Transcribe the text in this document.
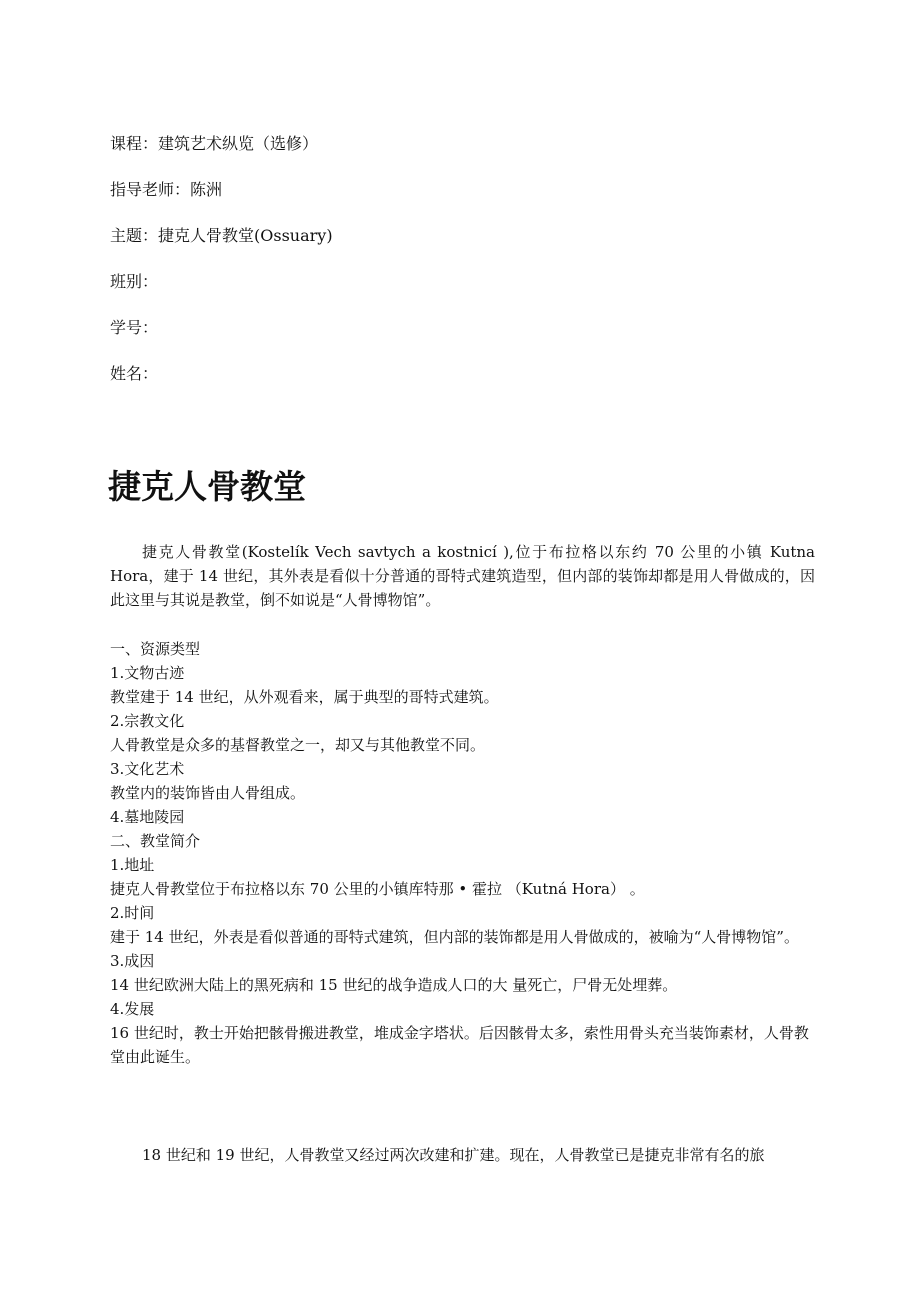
课程：建筑艺术纵览（选修）
指导老师：陈洲
主题：捷克人骨教堂(Ossuary)
班别：
学号：
姓名：
捷克人骨教堂

捷克人骨教堂(Kostelík Vech savtych a kostnicí ),位于布拉格以东约 70 公里的小镇 Kutna Hora，建于 14 世纪，其外表是看似十分普通的哥特式建筑造型，但内部的装饰却都是用人骨做成的，因此这里与其说是教堂，倒不如说是“人骨博物馆”。

一、资源类型
1.文物古迹
教堂建于 14 世纪，从外观看来，属于典型的哥特式建筑。
2.宗教文化
人骨教堂是众多的基督教堂之一，却又与其他教堂不同。
3.文化艺术
教堂内的装饰皆由人骨组成。
4.墓地陵园
二、教堂简介
1.地址
捷克人骨教堂位于布拉格以东 70 公里的小镇库特那 • 霍拉 （Kutná Hora） 。
2.时间
建于 14 世纪，外表是看似普通的哥特式建筑，但内部的装饰都是用人骨做成的，被喻为“人骨博物馆”。
3.成因
14 世纪欧洲大陆上的黑死病和 15 世纪的战争造成人口的大 量死亡，尸骨无处埋葬。
4.发展
16 世纪时，教士开始把骸骨搬进教堂，堆成金字塔状。后因骸骨太多，索性用骨头充当装饰素材，人骨教堂由此诞生。

18 世纪和 19 世纪，人骨教堂又经过两次改建和扩建。现在，人骨教堂已是捷克非常有名的旅
